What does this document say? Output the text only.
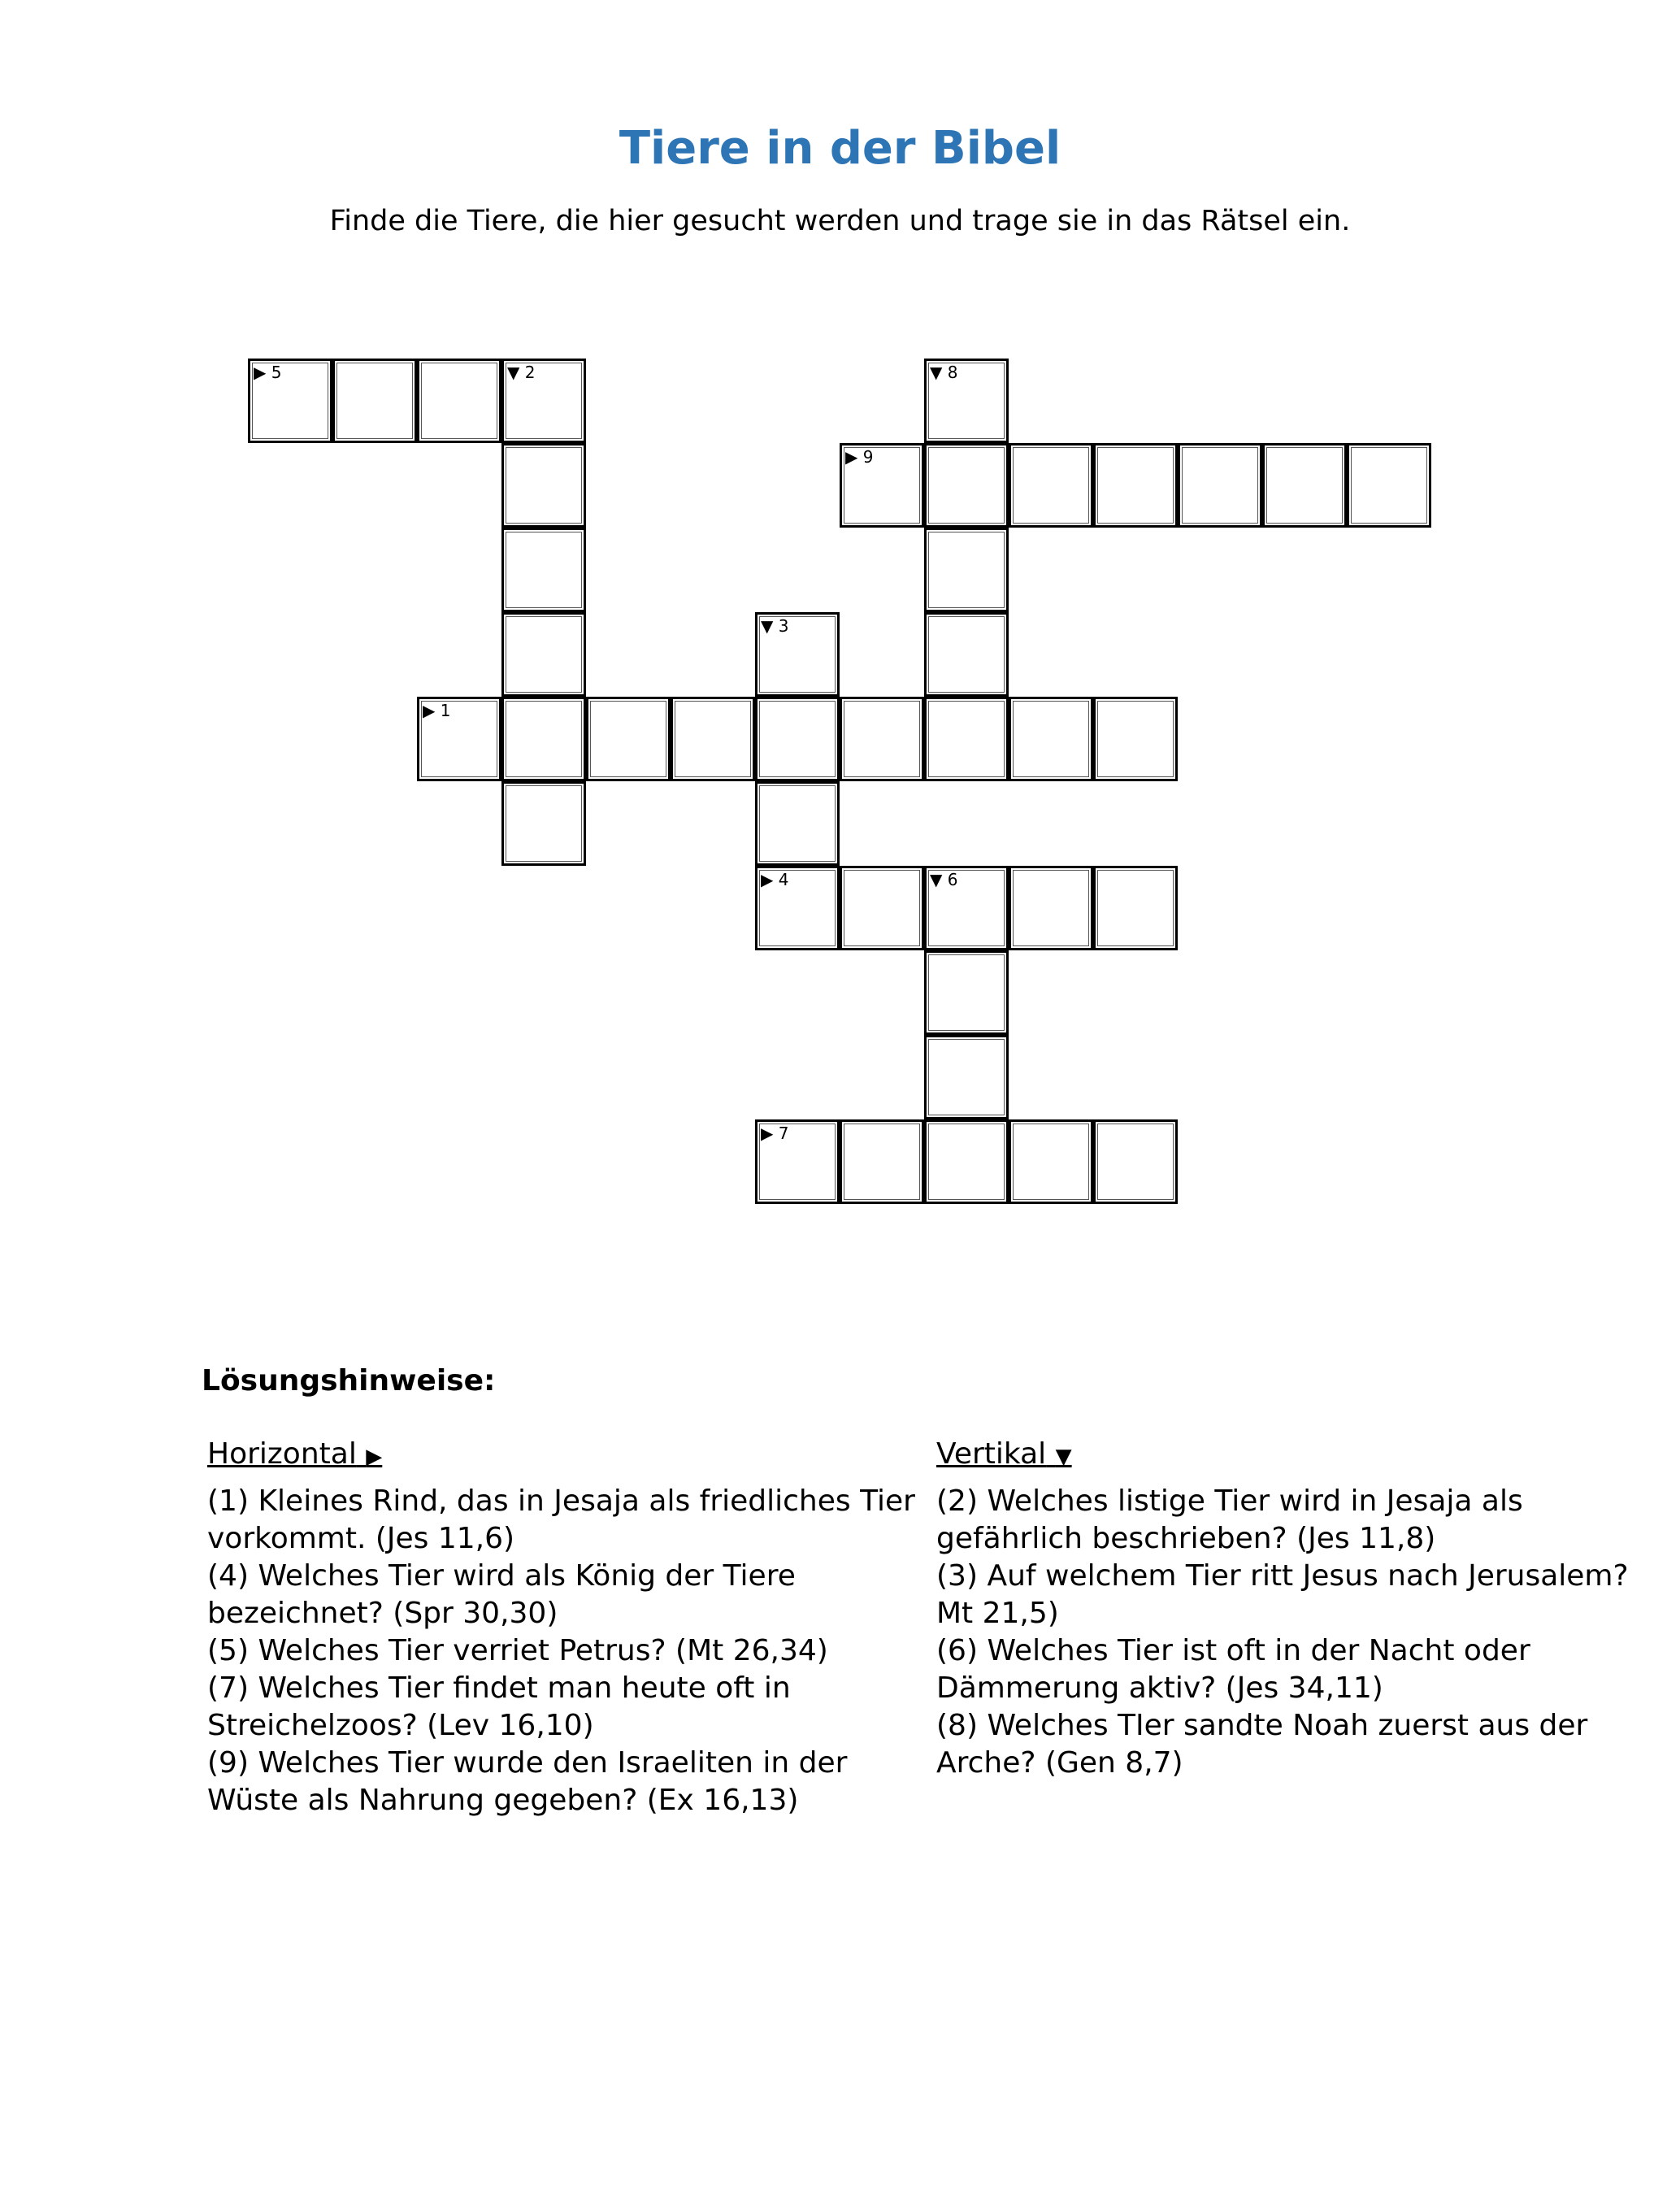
Tiere in der Bibel

Finde die Tiere, die hier gesucht werden und trage sie in das Rätsel ein.

▶ 1
▼ 2
▼ 3
▶ 4	▼ 6
▶ 5
▶ 7
▼ 8
▶ 9
Lösungshinweise:
Horizontal ▶

(1) Kleines Rind, das in Jesaja als friedliches Tier vorkommt. (Jes 11,6)

(4) Welches Tier wird als König der Tiere bezeichnet? (Spr 30,30)

(5) Welches Tier verriet Petrus? (Mt 26,34)

(7) Welches Tier findet man heute oft in Streichelzoos? (Lev 16,10)

(9) Welches Tier wurde den Israeliten in der Wüste als Nahrung gegeben? (Ex 16,13)

Vertikal ▼

(2) Welches listige Tier wird in Jesaja als gefährlich beschrieben? (Jes 11,8)

(3) Auf welchem Tier ritt Jesus nach Jerusalem? Mt 21,5)

(6) Welches Tier ist oft in der Nacht oder Dämmerung aktiv? (Jes 34,11)

(8) Welches TIer sandte Noah zuerst aus der Arche? (Gen 8,7)
